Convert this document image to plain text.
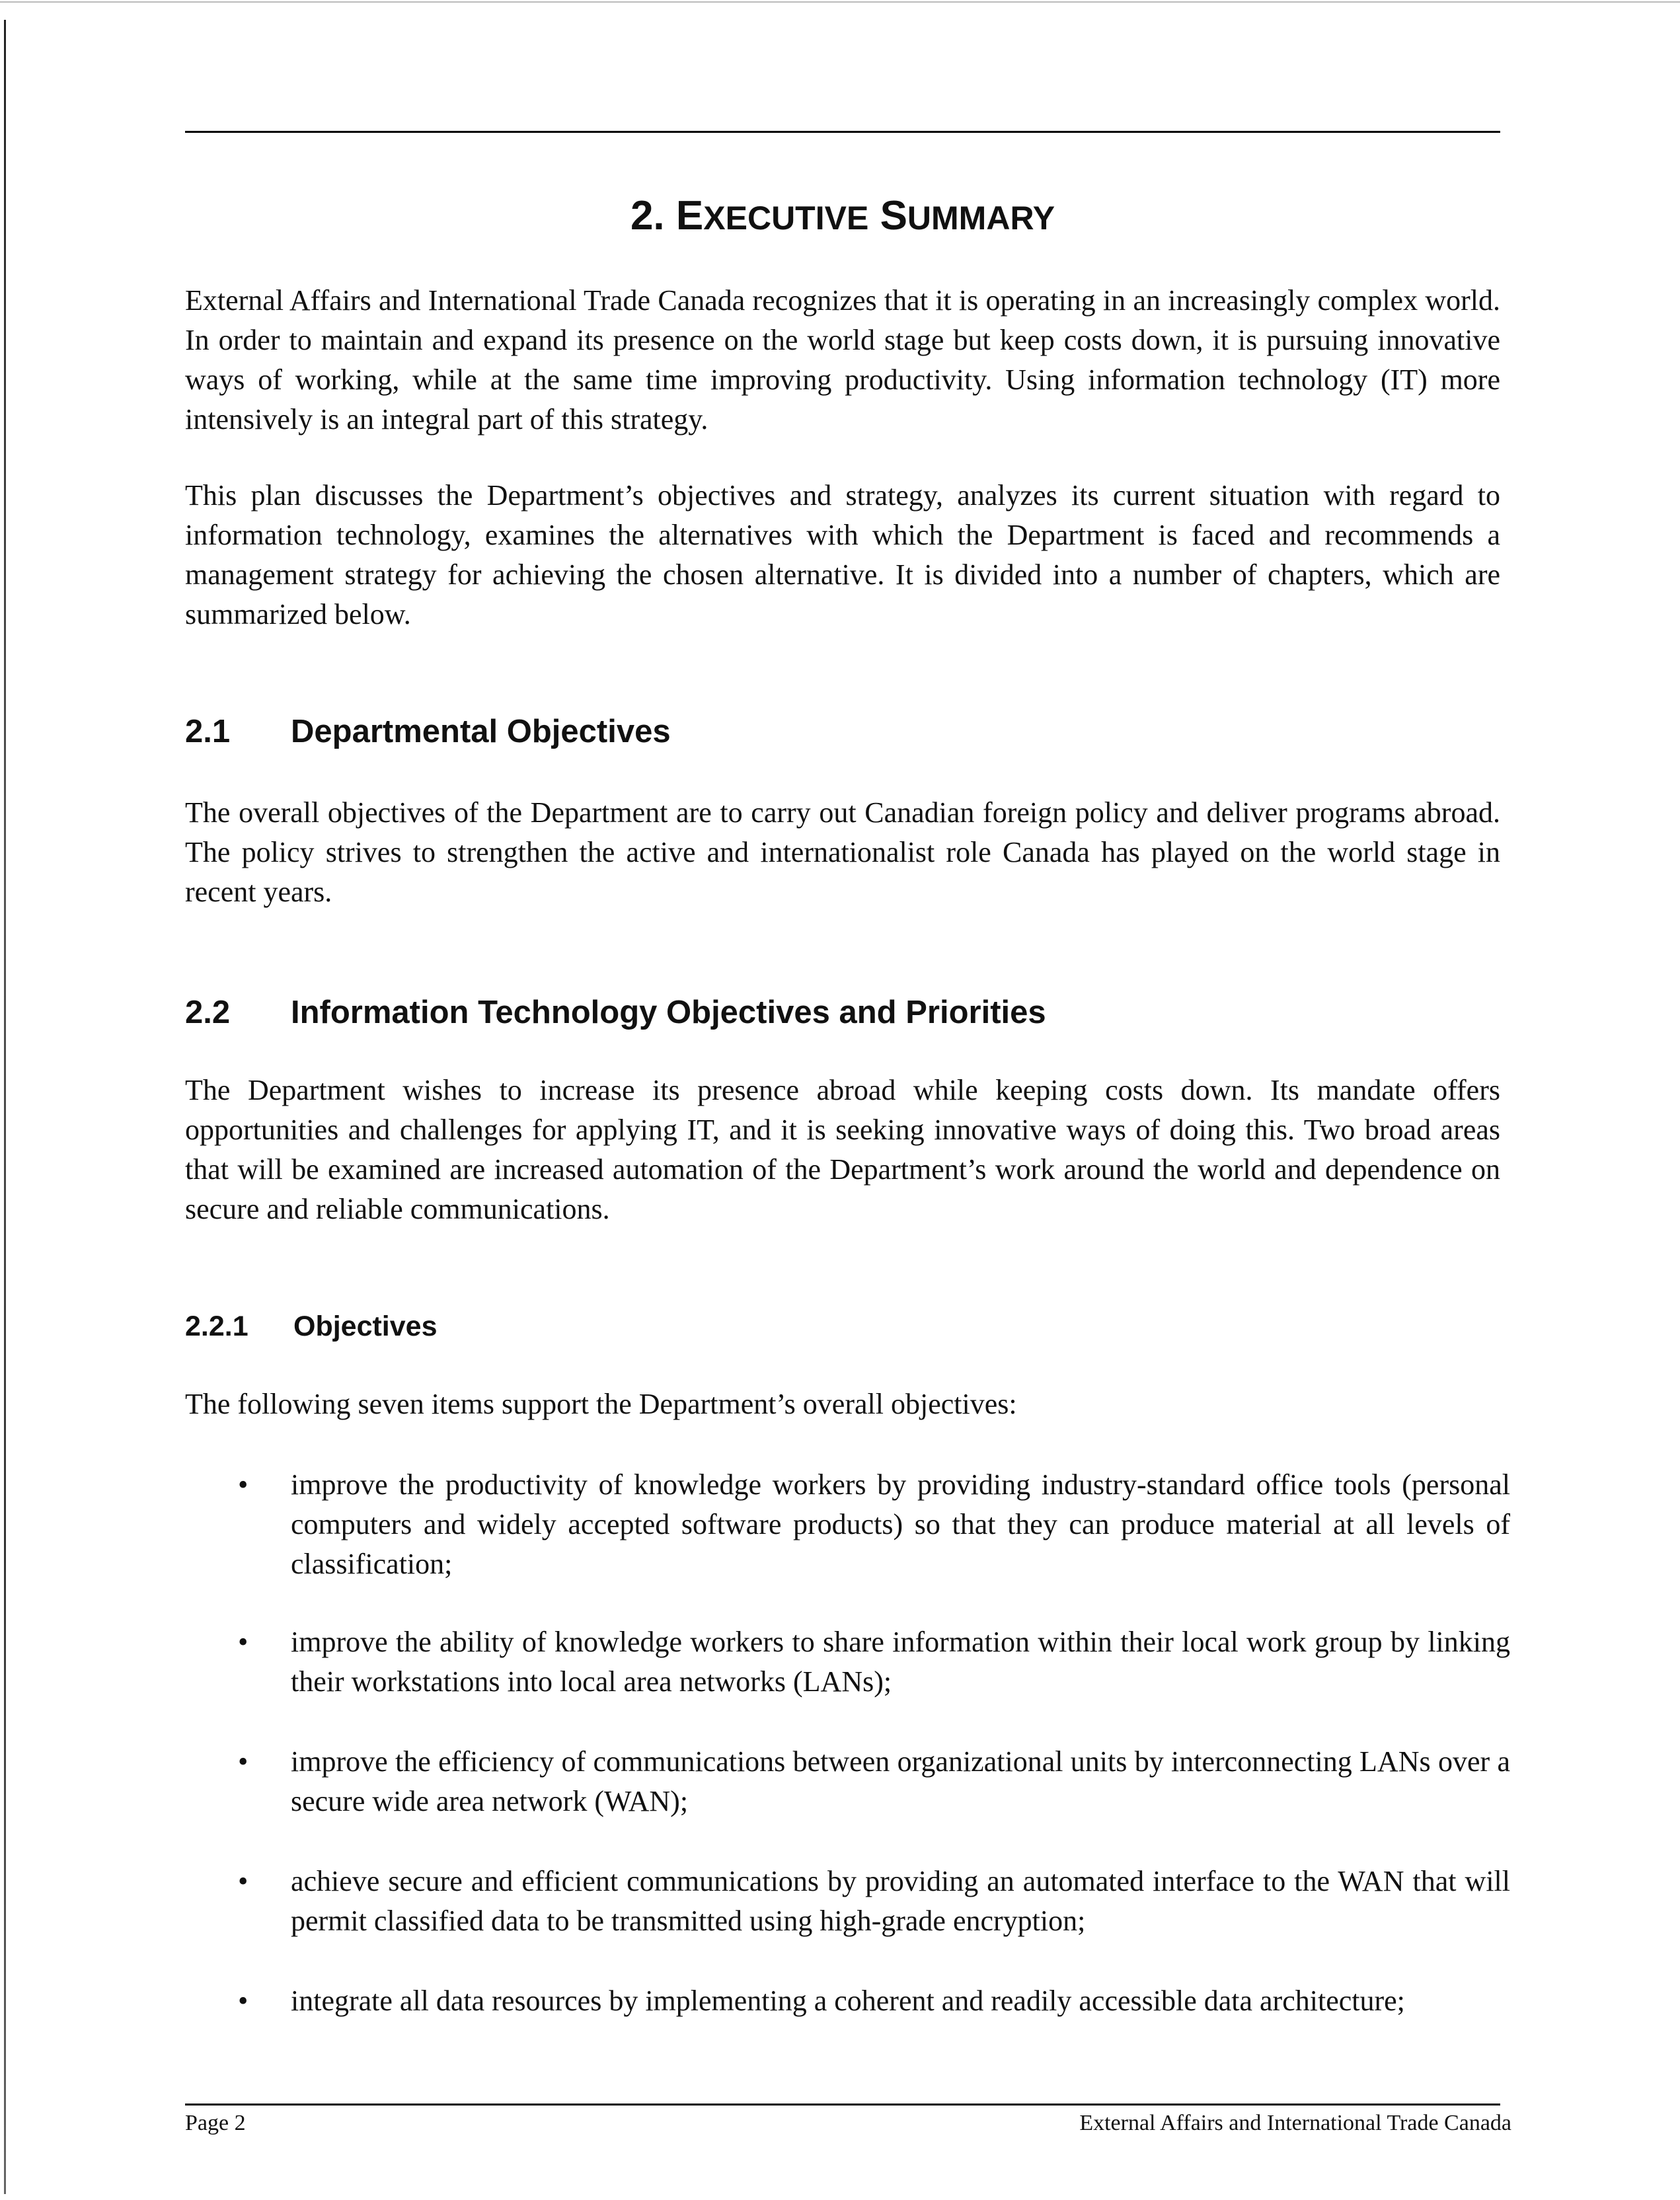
2. EXECUTIVE SUMMARY

External Affairs and International Trade Canada recognizes that it is operating in an increasingly complex world. In order to maintain and expand its presence on the world stage but keep costs down, it is pursuing innovative ways of working, while at the same time improving productivity. Using information technology (IT) more intensively is an integral part of this strategy.

This plan discusses the Department’s objectives and strategy, analyzes its current situation with regard to information technology, examines the alternatives with which the Department is faced and recommends a management strategy for achieving the chosen alternative. It is divided into a number of chapters, which are summarized below.

2.1 Departmental Objectives

The overall objectives of the Department are to carry out Canadian foreign policy and deliver programs abroad. The policy strives to strengthen the active and internationalist role Canada has played on the world stage in recent years.

2.2 Information Technology Objectives and Priorities

The Department wishes to increase its presence abroad while keeping costs down. Its mandate offers opportunities and challenges for applying IT, and it is seeking innovative ways of doing this. Two broad areas that will be examined are increased automation of the Department’s work around the world and dependence on secure and reliable communications.

2.2.1 Objectives

The following seven items support the Department’s overall objectives:

•	improve the productivity of knowledge workers by providing industry-standard office tools (personal computers and widely accepted software products) so that they can produce material at all levels of classification;
•	improve the ability of knowledge workers to share information within their local work group by linking their workstations into local area networks (LANs);
•	improve the efficiency of communications between organizational units by interconnecting LANs over a secure wide area network (WAN);
•	achieve secure and efficient communications by providing an automated interface to the WAN that will permit classified data to be transmitted using high-grade encryption;
•	integrate all data resources by implementing a coherent and readily accessible data architecture;

Page 2	External Affairs and International Trade Canada
